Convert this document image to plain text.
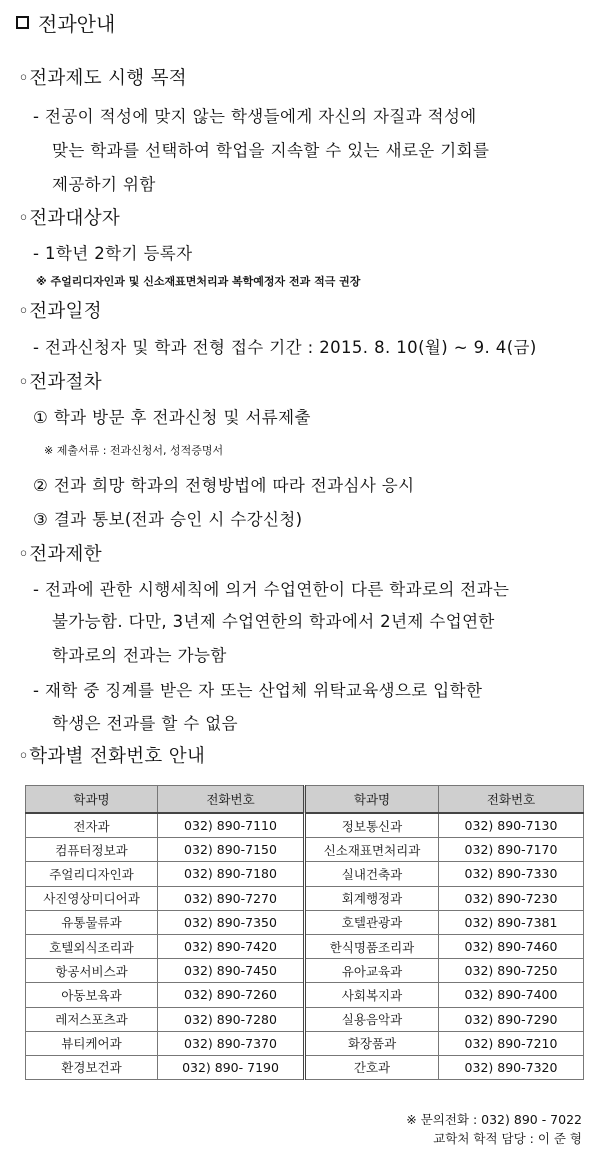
전과안내
◦전과제도 시행 목적
- 전공이 적성에 맞지 않는 학생들에게 자신의 자질과 적성에
맞는 학과를 선택하여 학업을 지속할 수 있는 새로운 기회를
제공하기 위함
◦전과대상자
- 1학년 2학기 등록자
※ 주얼리디자인과 및 신소재표면처리과 복학예정자 전과 적극 권장
◦전과일정
- 전과신청자 및 학과 전형 접수 기간 : 2015. 8. 10(월) ~ 9. 4(금)
◦전과절차
① 학과 방문 후 전과신청 및 서류제출
※ 제출서류 : 전과신청서, 성적증명서
② 전과 희망 학과의 전형방법에 따라 전과심사 응시
③ 결과 통보(전과 승인 시 수강신청)
◦전과제한
- 전과에 관한 시행세칙에 의거 수업연한이 다른 학과로의 전과는
불가능함. 다만, 3년제 수업연한의 학과에서 2년제 수업연한
학과로의 전과는 가능함
- 재학 중 징계를 받은 자 또는 산업체 위탁교육생으로 입학한
학생은 전과를 할 수 없음
◦학과별 전화번호 안내
학과명	전화번호	학과명	전화번호
전자과	032) 890-7110	정보통신과	032) 890-7130
컴퓨터정보과	032) 890-7150	신소재표면처리과	032) 890-7170
주얼리디자인과	032) 890-7180	실내건축과	032) 890-7330
사진영상미디어과	032) 890-7270	회계행정과	032) 890-7230
유통물류과	032) 890-7350	호텔관광과	032) 890-7381
호텔외식조리과	032) 890-7420	한식명품조리과	032) 890-7460
항공서비스과	032) 890-7450	유아교육과	032) 890-7250
아동보육과	032) 890-7260	사회복지과	032) 890-7400
레저스포츠과	032) 890-7280	실용음악과	032) 890-7290
뷰티케어과	032) 890-7370	화장품과	032) 890-7210
환경보건과	032) 890- 7190	간호과	032) 890-7320
※ 문의전화 : 032) 890 - 7022
교학처 학적 담당 : 이 준 형
